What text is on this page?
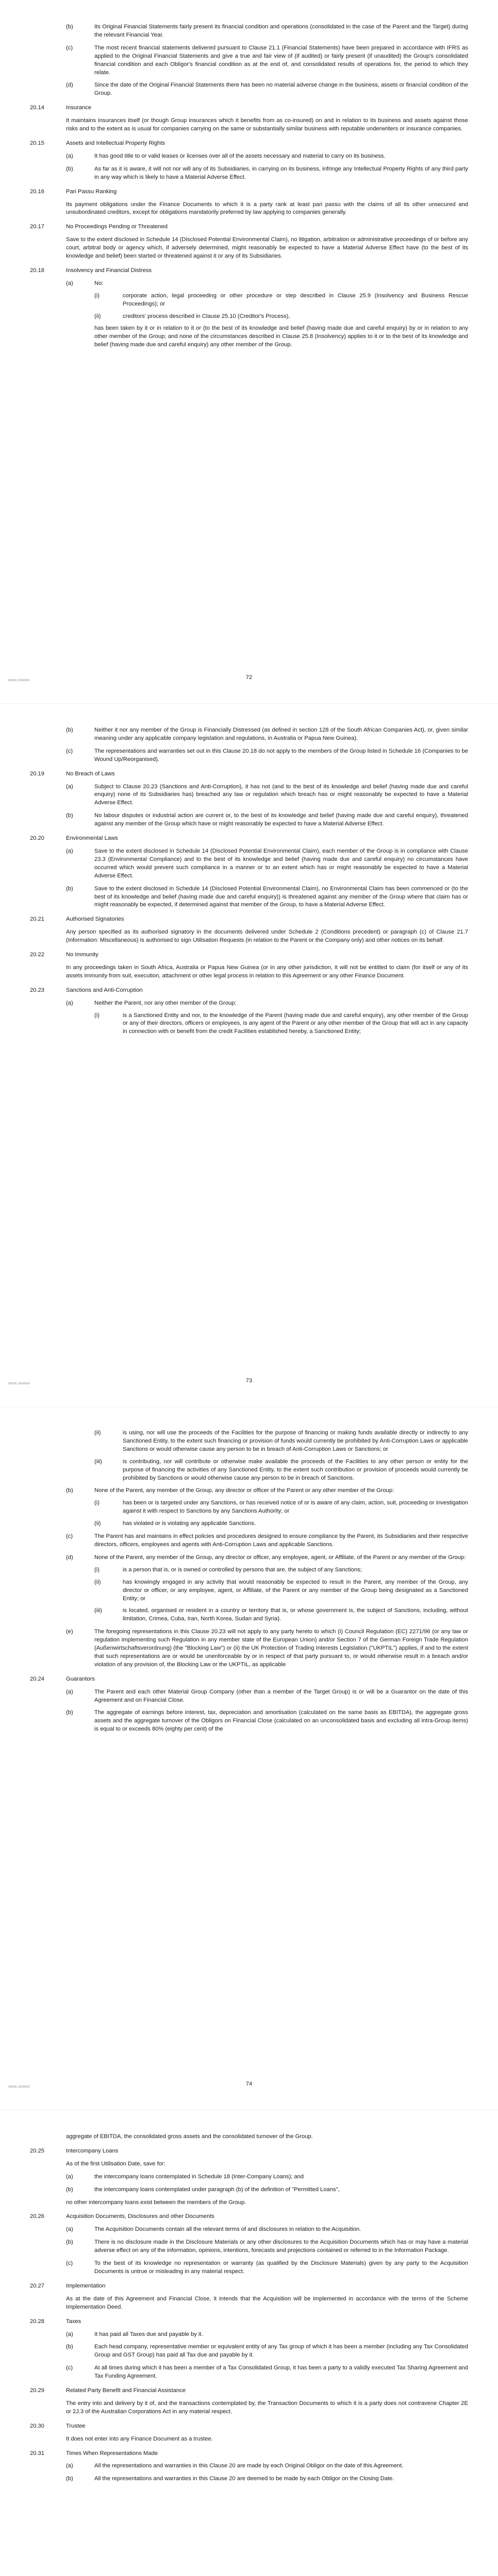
(b)	Its Original Financial Statements fairly present its financial condition and operations (consolidated in the case of the Parent and the Target) during the relevant Financial Year.
(c)	The most recent financial statements delivered pursuant to Clause 21.1 (Financial Statements) have been prepared in accordance with IFRS as applied to the Original Financial Statements and give a true and fair view of (if audited) or fairly present (if unaudited) the Group's consolidated financial condition and each Obligor's financial condition as at the end of, and consolidated results of operations for, the period to which they relate.
(d)	Since the date of the Original Financial Statements there has been no material adverse change in the business, assets or financial condition of the Group.
20.14	Insurance
It maintains insurances itself (or though Group insurances which it benefits from as co-insured) on and in relation to its business and assets against those risks and to the extent as is usual for companies carrying on the same or substantially similar business with reputable underwriters or insurance companies.
20.15	Assets and Intellectual Property Rights
(a)	It has good title to or valid leases or licenses over all of the assets necessary and material to carry on its business.
(b)	As far as it is aware, it will not nor will any of its Subsidiaries, in carrying on its business, infringe any Intellectual Property Rights of any third party in any way which is likely to have a Material Adverse Effect.
20.16	Pari Passu Ranking
Its payment obligations under the Finance Documents to which it is a party rank at least pari passu with the claims of all its other unsecured and unsubordinated creditors, except for obligations mandatorily preferred by law applying to companies generally.
20.17	No Proceedings Pending or Threatened
Save to the extent disclosed in Schedule 14 (Disclosed Potential Environmental Claim), no litigation, arbitration or administrative proceedings of or before any court, arbitral body or agency which, if adversely determined, might reasonably be expected to have a Material Adverse Effect have (to the best of its knowledge and belief) been started or threatened against it or any of its Subsidiaries.
20.18	Insolvency and Financial Distress
(a)	No:
(i)	corporate action, legal proceeding or other procedure or step described in Clause 25.9 (Insolvency and Business Rescue Proceedings); or
(ii)	creditors' process described in Clause 25.10 (Creditor's Process),
has been taken by it or in relation to it or (to the best of its knowledge and belief (having made due and careful enquiry) by or in relation to any other member of the Group; and none of the circumstances described in Clause 25.8 (Insolvency) applies to it or to the best of its knowledge and belief (having made due and careful enquiry) any other member of the Group.
72
000000_00000000
(b)	Neither it nor any member of the Group is Financially Distressed (as defined in section 128 of the South African Companies Act), or, given similar meaning under any applicable company legislation and regulations, in Australia or Papua New Guinea).
(c)	The representations and warranties set out in this Clause 20.18 do not apply to the members of the Group listed in Schedule 16 (Companies to be Wound Up/Reorganised).
20.19	No Breach of Laws
(a)	Subject to Clause 20.23 (Sanctions and Anti-Corruption), it has not (and to the best of its knowledge and belief (having made due and careful enquiry) none of its Subsidiaries has) breached any law or regulation which breach has or might reasonably be expected to have a Material Adverse Effect.
(b)	No labour disputes or industrial action are current or, to the best of its knowledge and belief (having made due and careful enquiry), threatened against any member of the Group which have or might reasonably be expected to have a Material Adverse Effect.
20.20	Environmental Laws
(a)	Save to the extent disclosed in Schedule 14 (Disclosed Potential Environmental Claim), each member of the Group is in compliance with Clause 23.3 (Environmental Compliance) and to the best of its knowledge and belief (having made due and careful enquiry) no circumstances have occurred which would prevent such compliance in a manner or to an extent which has or might reasonably be expected to have a Material Adverse Effect.
(b)	Save to the extent disclosed in Schedule 14 (Disclosed Potential Environmental Claim), no Environmental Claim has been commenced or (to the best of its knowledge and belief (having made due and careful enquiry)) is threatened against any member of the Group where that claim has or might reasonably be expected, if determined against that member of the Group, to have a Material Adverse Effect.
20.21	Authorised Signatories
Any person specified as its authorised signatory in the documents delivered under Schedule 2 (Conditions precedent) or paragraph (c) of Clause 21.7 (Information: Miscellaneous) is authorised to sign Utilisation Requests (in relation to the Parent or the Company only) and other notices on its behalf.
20.22	No Immunity
In any proceedings taken in South Africa, Australia or Papua New Guinea (or in any other jurisdiction, it will not be entitled to claim (for itself or any of its assets immunity from suit, execution, attachment or other legal process in relation to this Agreement or any other Finance Document.
20.23	Sanctions and Anti-Corruption
(a)	Neither the Parent, nor any other member of the Group:
(i)	is a Sanctioned Entity and nor, to the knowledge of the Parent (having made due and careful enquiry), any other member of the Group or any of their directors, officers or employees, is any agent of the Parent or any other member of the Group that will act in any capacity in connection with or benefit from the credit Facilities established hereby, a Sanctioned Entity;
73
000000_00000000
(ii)	is using, nor will use the proceeds of the Facilities for the purpose of financing or making funds available directly or indirectly to any Sanctioned Entity, to the extent such financing or provision of funds would currently be prohibited by Anti-Corruption Laws or applicable Sanctions or would otherwise cause any person to be in breach of Anti-Corruption Laws or Sanctions; or
(iii)	is contributing, nor will contribute or otherwise make available the proceeds of the Facilities to any other person or entity for the purpose of financing the activities of any Sanctioned Entity, to the extent such contribution or provision of proceeds would currently be prohibited by Sanctions or would otherwise cause any person to be in breach of Sanctions.
(b)	None of the Parent, any member of the Group, any director or officer of the Parent or any other member of the Group:
(i)	has been or is targeted under any Sanctions, or has received notice of or is aware of any claim, action, suit, proceeding or investigation against it with respect to Sanctions by any Sanctions Authority; or
(ii)	has violated or is violating any applicable Sanctions.
(c)	The Parent has and maintains in effect policies and procedures designed to ensure compliance by the Parent, its Subsidiaries and their respective directors, officers, employees and agents with Anti-Corruption Laws and applicable Sanctions.
(d)	None of the Parent, any member of the Group, any director or officer, any employee, agent, or Affiliate, of the Parent or any member of the Group:
(i)	is a person that is, or is owned or controlled by persons that are, the subject of any Sanctions;
(ii)	has knowingly engaged in any activity that would reasonably be expected to result in the Parent, any member of the Group, any director or officer, or any employee, agent, or Affiliate, of the Parent or any member of the Group being designated as a Sanctioned Entity; or
(iii)	is located, organised or resident in a country or territory that is, or whose government is, the subject of Sanctions, including, without limitation, Crimea, Cuba, Iran, North Korea, Sudan and Syria).
(e)	The foregoing representations in this Clause 20.23 will not apply to any party hereto to which (i) Council Regulation (EC) 2271/96 (or any law or regulation implementing such Regulation in any member state of the European Union) and/or Section 7 of the German Foreign Trade Regulation (Außenwirtschaftsverordnung) (the "Blocking Law") or (ii) the UK Protection of Trading Interests Legislation ("UKPTIL") applies, if and to the extent that such representations are or would be unenforceable by or in respect of that party pursuant to, or would otherwise result in a breach and/or violation of any provision of, the Blocking Law or the UKPTIL, as applicable
20.24	Guarantors
(a)	The Parent and each other Material Group Company (other than a member of the Target Group) is or will be a Guarantor on the date of this Agreement and on Financial Close.
(b)	The aggregate of earnings before interest, tax, depreciation and amortisation (calculated on the same basis as EBITDA), the aggregate gross assets and the aggregate turnover of the Obligors on Financial Close (calculated on an unconsolidated basis and excluding all intra-Group items) is equal to or exceeds 80% (eighty per cent) of the
74
000000_00000000
aggregate of EBITDA, the consolidated gross assets and the consolidated turnover of the Group.
20.25	Intercompany Loans
As of the first Utilisation Date, save for:
(a)	the intercompany loans contemplated in Schedule 18 (Inter-Company Loans); and
(b)	the intercompany loans contemplated under paragraph (b) of the definition of "Permitted Loans",
no other intercompany loans exist between the members of the Group.
20.26	Acquisition Documents, Disclosures and other Documents
(a)	The Acquisition Documents contain all the relevant terms of and disclosures in relation to the Acquisition.
(b)	There is no disclosure made in the Disclosure Materials or any other disclosures to the Acquisition Documents which has or may have a material adverse effect on any of the information, opinions, intentions, forecasts and projections contained or referred to in the Information Package.
(c)	To the best of its knowledge no representation or warranty (as qualified by the Disclosure Materials) given by any party to the Acquisition Documents is untrue or misleading in any material respect.
20.27	Implementation
As at the date of this Agreement and Financial Close, it intends that the Acquisition will be implemented in accordance with the terms of the Scheme Implementation Deed.
20.28	Taxes
(a)	It has paid all Taxes due and payable by it.
(b)	Each head company, representative member or equivalent entity of any Tax group of which it has been a member (including any Tax Consolidated Group and GST Group) has paid all Tax due and payable by it.
(c)	At all times during which it has been a member of a Tax Consolidated Group, it has been a party to a validly executed Tax Sharing Agreement and Tax Funding Agreement.
20.29	Related Party Benefit and Financial Assistance
The entry into and delivery by it of, and the transactions contemplated by, the Transaction Documents to which it is a party does not contravene Chapter 2E or 2J.3 of the Australian Corporations Act in any material respect.
20.30	Trustee
It does not enter into any Finance Document as a trustee.
20.31	Times When Representations Made
(a)	All the representations and warranties in this Clause 20 are made by each Original Obligor on the date of this Agreement.
(b)	All the representations and warranties in this Clause 20 are deemed to be made by each Obligor on the Closing Date.
